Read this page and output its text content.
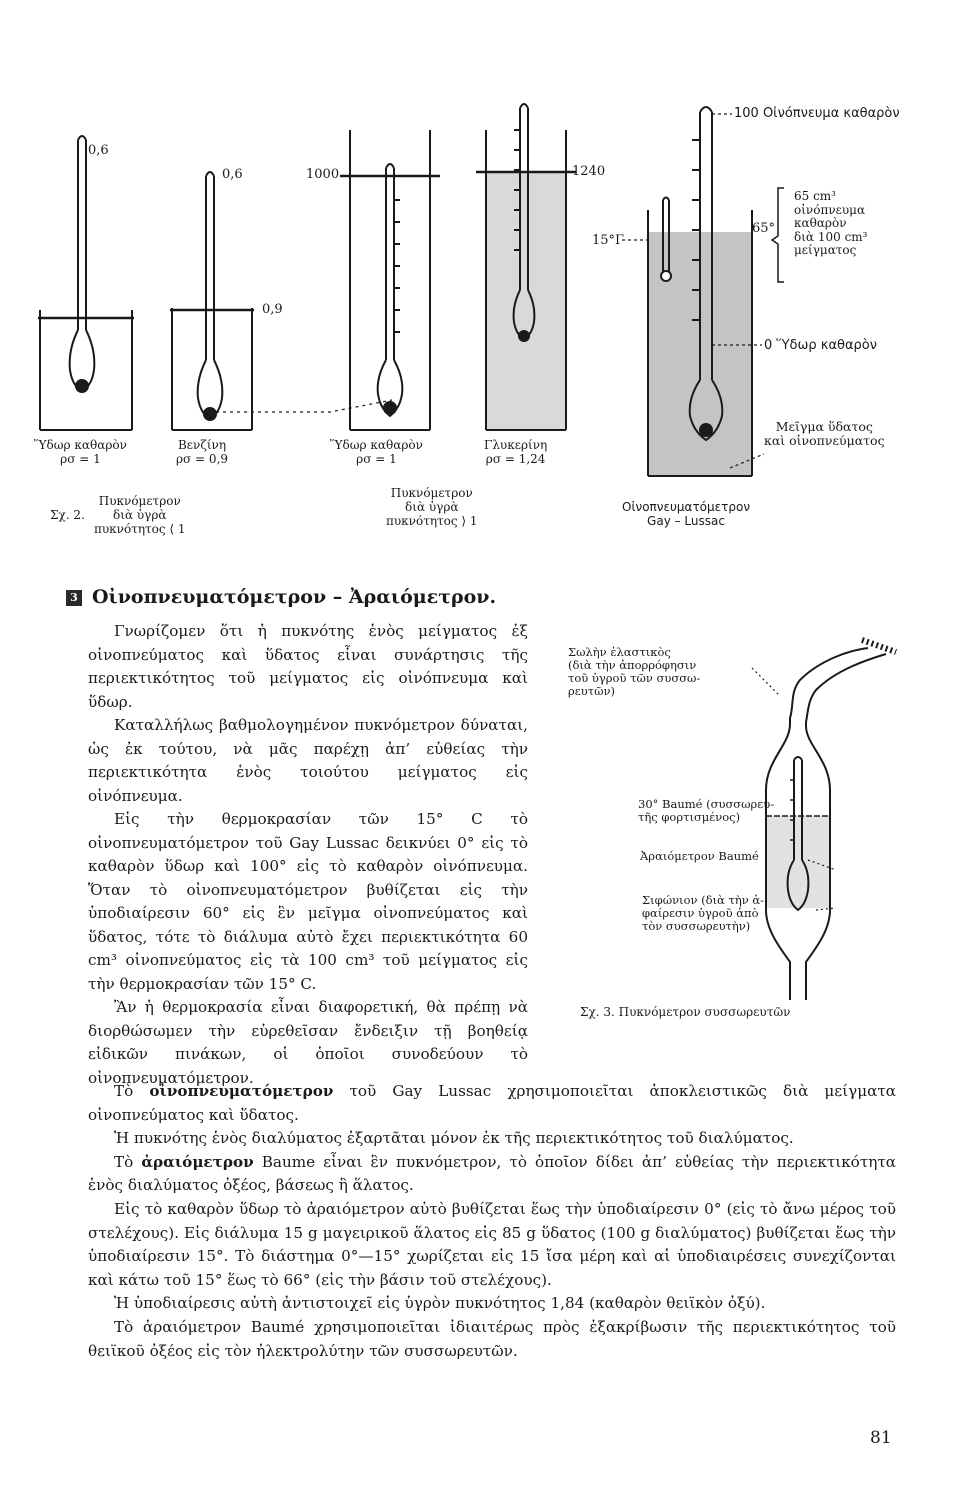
0,6
0,6
0,9
1000	1240
15°Γ
65°
100 Οἰνόπνευμα καθαρὸν
0 Ὕδωρ καθαρὸν
65 cm³
οἰνόπνευμα
καθαρὸν
διὰ 100 cm³
μείγματος
Μεῖγμα ὕδατος
καὶ οἰνοπνεύματος
Ὕδωρ καθαρὸν
ρσ = 1
Βενζίνη
ρσ = 0,9
Ὕδωρ καθαρὸν
ρσ = 1
Γλυκερίνη
ρσ = 1,24
Σχ. 2.
Πυκνόμετρον
διὰ ὑγρὰ
πυκνότητος ⟨ 1
Πυκνόμετρον
διὰ ὑγρὰ
πυκνότητος ⟩ 1
Οἰνοπνευματόμετρον
Gay – Lussac
3 Οἰνοπνευματόμετρον – Ἀραιόμετρον.

Γνωρίζομεν ὅτι ἡ πυκνότης ἑνὸς μείγματος ἐξ οἰνοπνεύματος καὶ ὕδατος εἶναι συνάρτησις τῆς περιεκτικότητος τοῦ μείγματος εἰς οἰνόπνευμα καὶ ὕδωρ.

Καταλλήλως βαθμολογημένον πυκνόμετρον δύναται, ὡς ἐκ τούτου, νὰ μᾶς παρέχῃ ἀπ’ εὐθείας τὴν περιεκτικότητα ἑνὸς τοιούτου μείγματος εἰς οἰνόπνευμα.

Εἰς τὴν θερμοκρασίαν τῶν 15° C τὸ οἰνοπνευματόμετρον τοῦ Gay Lussac δεικνύει 0° εἰς τὸ καθαρὸν ὕδωρ καὶ 100° εἰς τὸ καθαρὸν οἰνόπνευμα. Ὅταν τὸ οἰνοπνευματόμετρον βυθίζεται εἰς τὴν ὑποδιαίρεσιν 60° εἰς ἓν μεῖγμα οἰνοπνεύματος καὶ ὕδατος, τότε τὸ διάλυμα αὐτὸ ἔχει περιεκτικότητα 60 cm³ οἰνοπνεύματος εἰς τὰ 100 cm³ τοῦ μείγματος εἰς τὴν θερμοκρασίαν τῶν 15° C.

Ἂν ἡ θερμοκρασία εἶναι διαφορετική, θὰ πρέπῃ νὰ διορθώσωμεν τὴν εὑρεθεῖσαν ἔνδειξιν τῇ βοηθείᾳ εἰδικῶν πινάκων, οἱ ὁποῖοι συνοδεύουν τὸ οἰνοπνευματόμετρον.

Σωλὴν ἐλαστικὸς
(διὰ τὴν ἀπορρόφησιν
τοῦ ὑγροῦ τῶν συσσω-
ρευτῶν)
30° Baumé (συσσωρευ-
τῆς φορτισμένος)
Ἀραιόμετρον Baumé
Σιφώνιον (διὰ τὴν ἀ-
φαίρεσιν ὑγροῦ ἀπὸ
τὸν συσσωρευτὴν)
Σχ. 3. Πυκνόμετρον συσσωρευτῶν

Τὸ οἰνοπνευματόμετρον τοῦ Gay Lussac χρησιμοποιεῖται ἀποκλειστικῶς διὰ μείγματα οἰνοπνεύματος καὶ ὕδατος.

Ἡ πυκνότης ἑνὸς διαλύματος ἐξαρτᾶται μόνον ἐκ τῆς περιεκτικότητος τοῦ διαλύματος.

Τὸ ἀραιόμετρον Baume εἶναι ἓν πυκνόμετρον, τὸ ὁποῖον δίδει ἀπ’ εὐθείας τὴν περιεκτικότητα ἑνὸς διαλύματος ὀξέος, βάσεως ἢ ἅλατος.

Εἰς τὸ καθαρὸν ὕδωρ τὸ ἀραιόμετρον αὐτὸ βυθίζεται ἕως τὴν ὑποδιαίρεσιν 0° (εἰς τὸ ἄνω μέρος τοῦ στελέχους). Εἰς διάλυμα 15 g μαγειρικοῦ ἅλατος εἰς 85 g ὕδατος (100 g διαλύματος) βυθίζεται ἕως τὴν ὑποδιαίρεσιν 15°. Τὸ διάστημα 0°—15° χωρίζεται εἰς 15 ἴσα μέρη καὶ αἱ ὑποδιαιρέσεις συνεχίζονται καὶ κάτω τοῦ 15° ἕως τὸ 66° (εἰς τὴν βάσιν τοῦ στελέχους).

Ἡ ὑποδιαίρεσις αὐτὴ ἀντιστοιχεῖ εἰς ὑγρὸν πυκνότητος 1,84 (καθαρὸν θειϊκὸν ὀξύ).

Τὸ ἀραιόμετρον Baumé χρησιμοποιεῖται ἰδιαιτέρως πρὸς ἐξακρίβωσιν τῆς περιεκτικότητος τοῦ θειϊκοῦ ὀξέος εἰς τὸν ἠλεκτρολύτην τῶν συσσωρευτῶν.

81
